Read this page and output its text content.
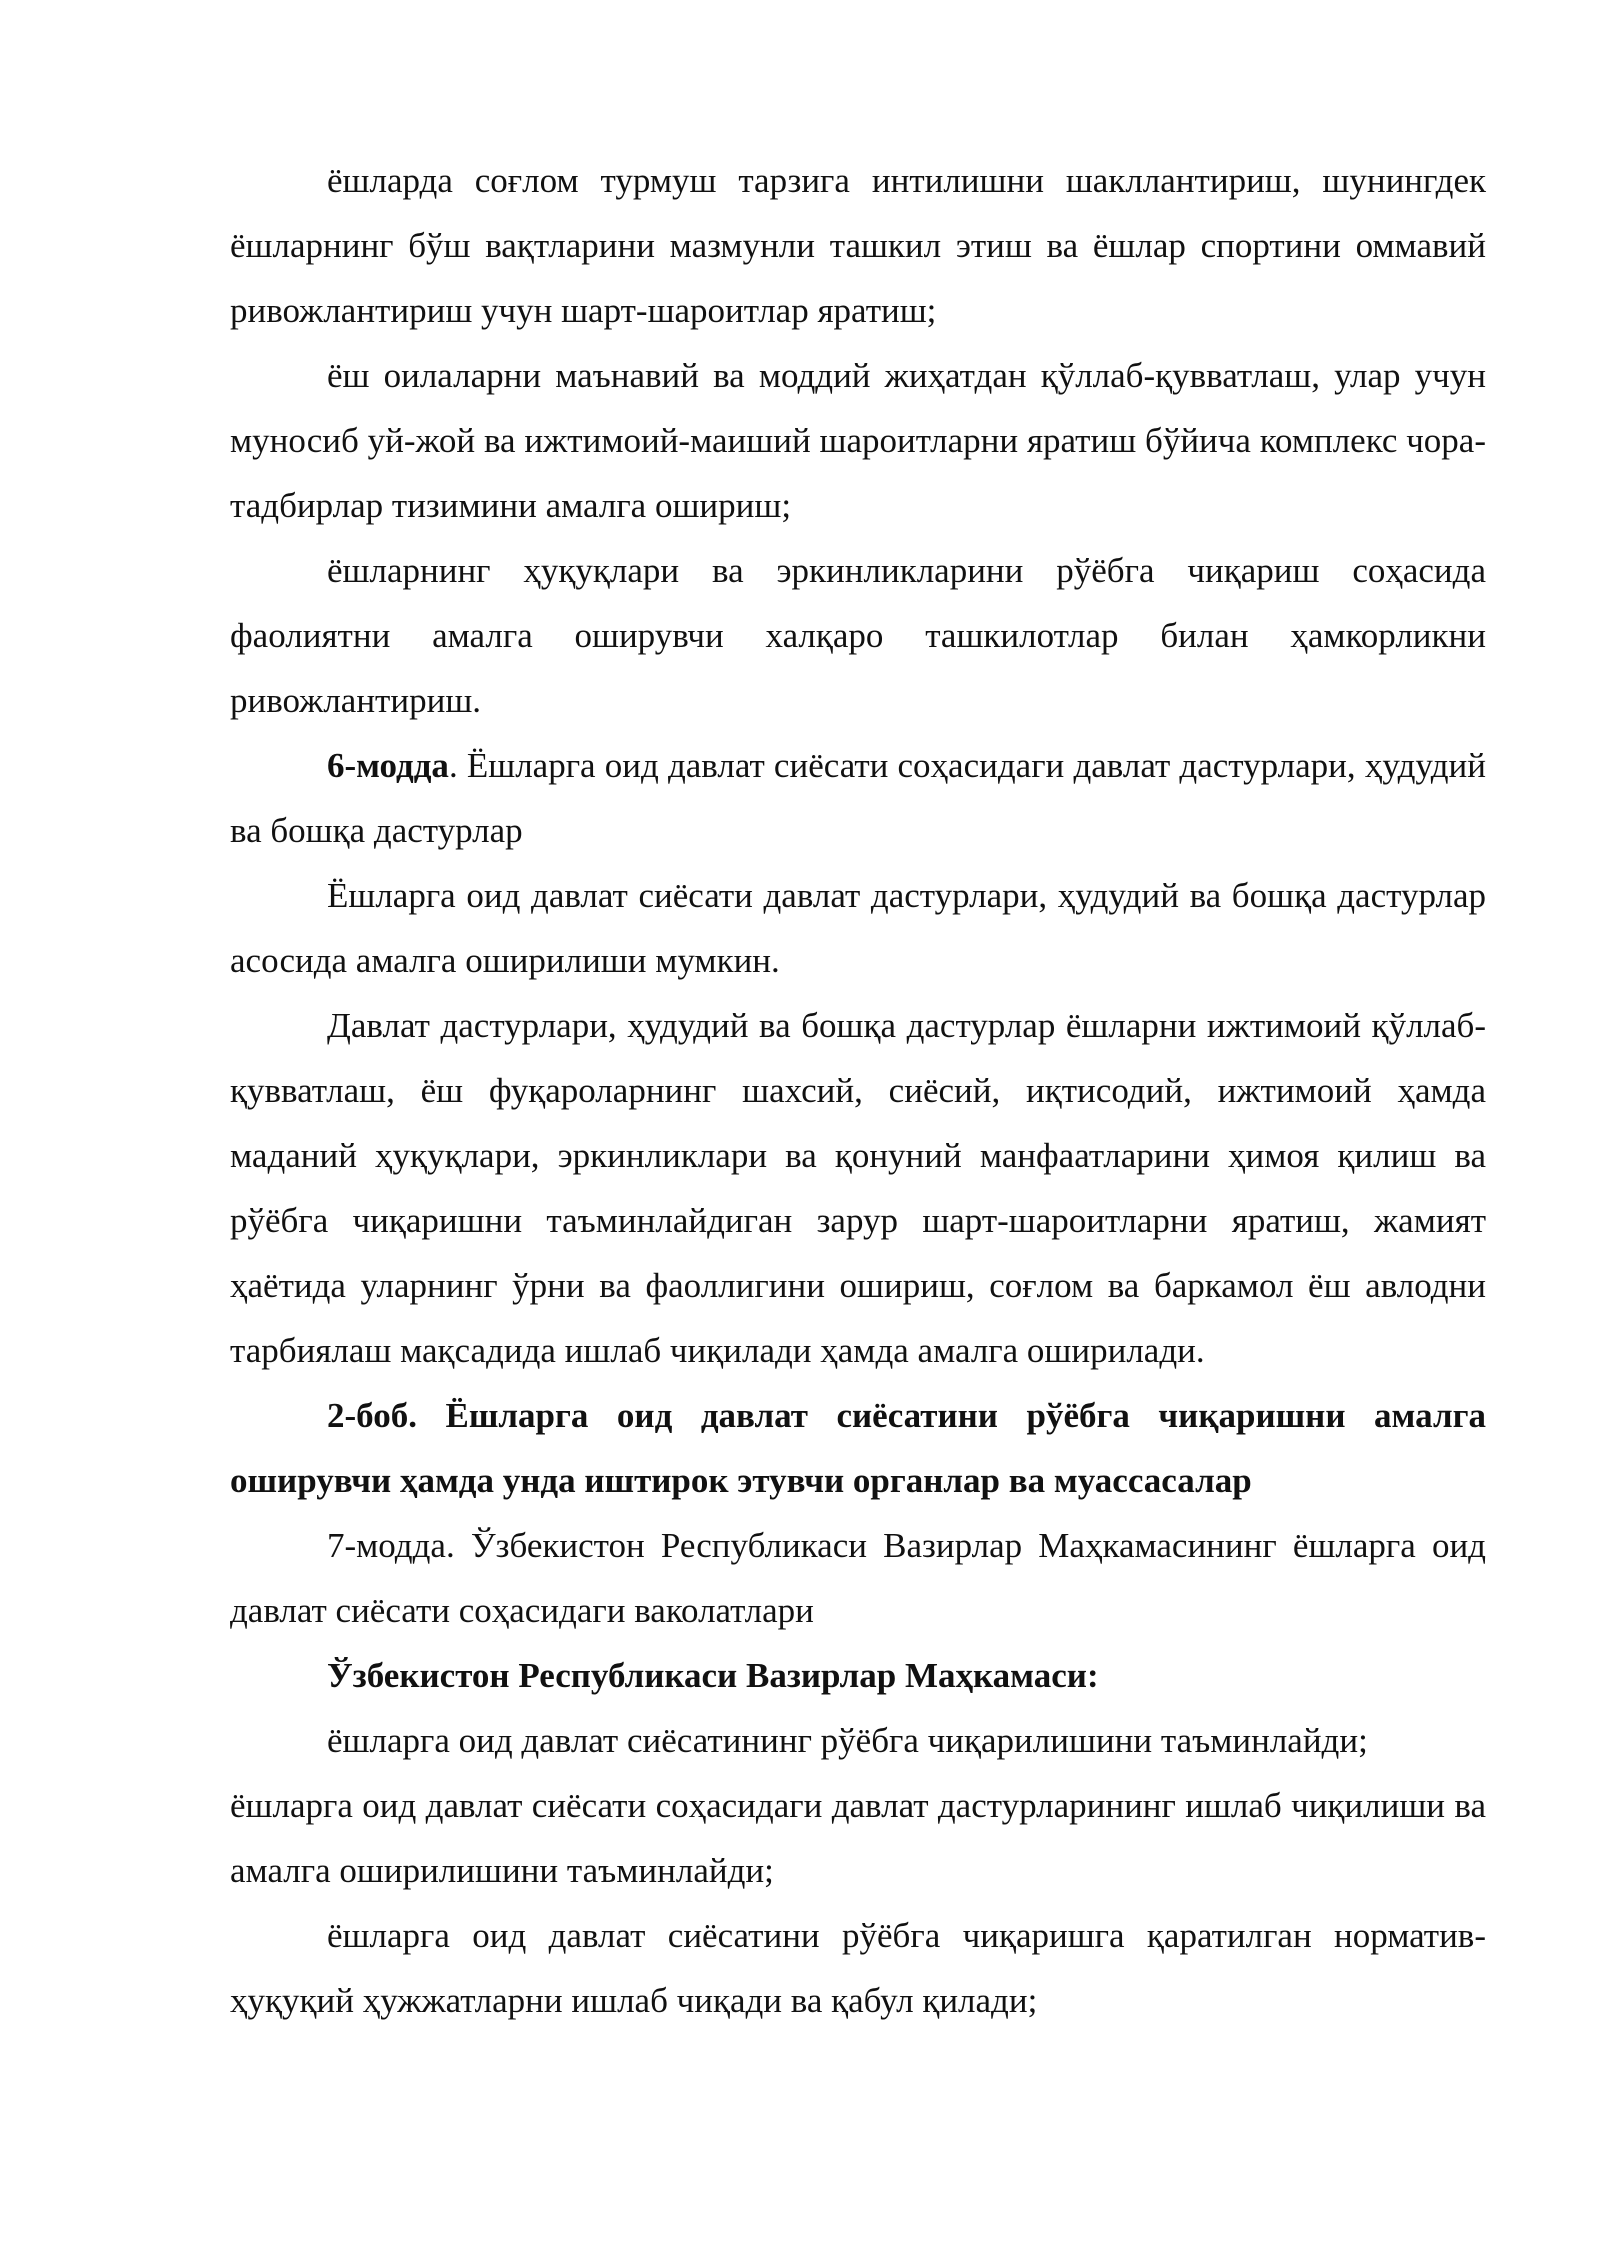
ёшларда соғлом турмуш тарзига интилишни шакллантириш, шунингдек ёшларнинг бўш вақтларини мазмунли ташкил этиш ва ёшлар спортини оммавий ривожлантириш учун шарт-шароитлар яратиш;

ёш оилаларни маънавий ва моддий жиҳатдан қўллаб-қувватлаш, улар учун муносиб уй-жой ва ижтимоий-маиший шароитларни яратиш бўйича комплекс чора-тадбирлар тизимини амалга ошириш;

ёшларнинг ҳуқуқлари ва эркинликларини рўёбга чиқариш соҳасида фаолиятни амалга оширувчи халқаро ташкилотлар билан ҳамкорликни ривожлантириш.

6-модда. Ёшларга оид давлат сиёсати соҳасидаги давлат дастурлари, ҳудудий ва бошқа дастурлар

Ёшларга оид давлат сиёсати давлат дастурлари, ҳудудий ва бошқа дастурлар асосида амалга оширилиши мумкин.

Давлат дастурлари, ҳудудий ва бошқа дастурлар ёшларни ижтимоий қўллаб-қувватлаш, ёш фуқароларнинг шахсий, сиёсий, иқтисодий, ижтимоий ҳамда маданий ҳуқуқлари, эркинликлари ва қонуний манфаатларини ҳимоя қилиш ва рўёбга чиқаришни таъминлайдиган зарур шарт-шароитларни яратиш, жамият ҳаётида уларнинг ўрни ва фаоллигини ошириш, соғлом ва баркамол ёш авлодни тарбиялаш мақсадида ишлаб чиқилади ҳамда амалга оширилади.

2-боб. Ёшларга оид давлат сиёсатини рўёбга чиқаришни амалга оширувчи ҳамда унда иштирок этувчи органлар ва муассасалар

7-модда. Ўзбекистон Республикаси Вазирлар Маҳкамасининг ёшларга оид давлат сиёсати соҳасидаги ваколатлари

Ўзбекистон Республикаси Вазирлар Маҳкамаси:

ёшларга оид давлат сиёсатининг рўёбга чиқарилишини таъминлайди;

ёшларга оид давлат сиёсати соҳасидаги давлат дастурларининг ишлаб чиқилиши ва амалга оширилишини таъминлайди;

ёшларга оид давлат сиёсатини рўёбга чиқаришга қаратилган норматив-ҳуқуқий ҳужжатларни ишлаб чиқади ва қабул қилади;
